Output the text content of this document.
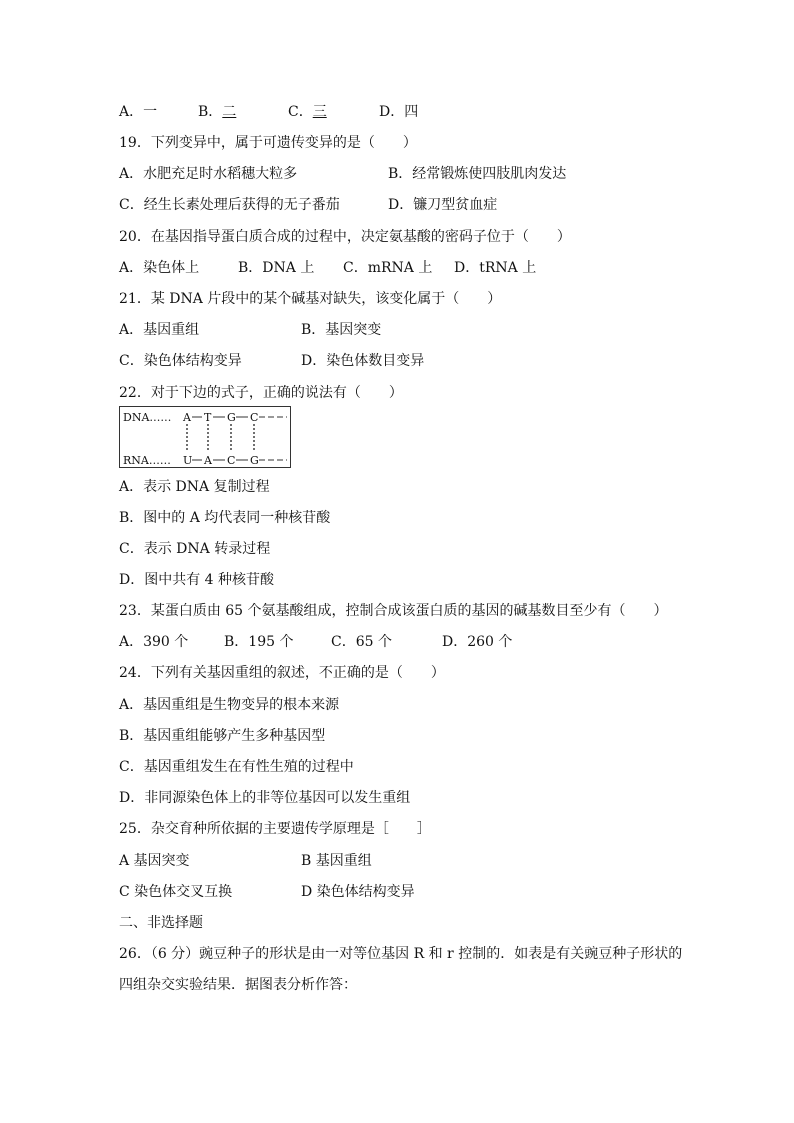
A．一	B．二	C．三	D．四
19．下列变异中，属于可遗传变异的是（　　）
A．水肥充足时水稻穗大粒多	B．经常锻炼使四肢肌肉发达
C．经生长素处理后获得的无子番茄	D．镰刀型贫血症
20．在基因指导蛋白质合成的过程中，决定氨基酸的密码子位于（　　）
A．染色体上	B．DNA 上 C．mRNA 上 D．tRNA 上
21．某 DNA 片段中的某个碱基对缺失，该变化属于（　　）
A．基因重组	B．基因突变
C．染色体结构变异	D．染色体数目变异
22．对于下边的式子，正确的说法有（　　）
DNA……
RNA……
A T G C
U A C G
A．表示 DNA 复制过程
B．图中的 A 均代表同一种核苷酸
C．表示 DNA 转录过程
D．图中共有 4 种核苷酸
23．某蛋白质由 65 个氨基酸组成，控制合成该蛋白质的基因的碱基数目至少有（　　）
A．390 个	B．195 个	C．65 个	D．260 个
24．下列有关基因重组的叙述，不正确的是（　　）
A．基因重组是生物变异的根本来源
B．基因重组能够产生多种基因型
C．基因重组发生在有性生殖的过程中
D．非同源染色体上的非等位基因可以发生重组
25．杂交育种所依据的主要遗传学原理是［　　］
A 基因突变	B 基因重组
C 染色体交叉互换	D 染色体结构变异
二、非选择题
26．（6 分）豌豆种子的形状是由一对等位基因 R 和 r 控制的．如表是有关豌豆种子形状的
四组杂交实验结果．据图表分析作答：
